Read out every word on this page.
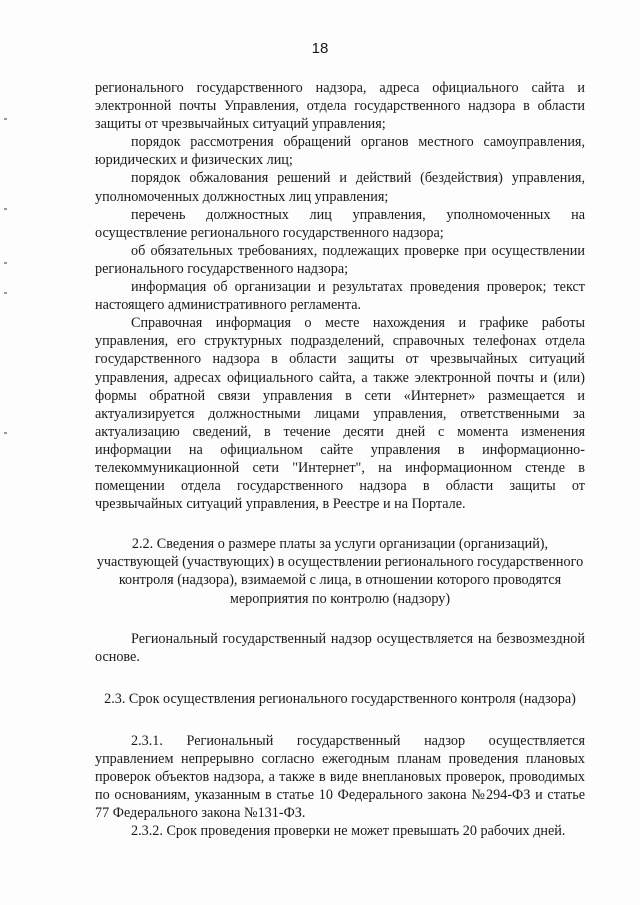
18

регионального государственного надзора, адреса официального сайта и электронной почты Управления, отдела государственного надзора в области защиты от чрезвычайных ситуаций управления;

порядок рассмотрения обращений органов местного самоуправления, юридических и физических лиц;

порядок обжалования решений и действий (бездействия) управления, уполномоченных должностных лиц управления;

перечень должностных лиц управления, уполномоченных на осуществление регионального государственного надзора;

об обязательных требованиях, подлежащих проверке при осуществлении регионального государственного надзора;

информация об организации и результатах проведения проверок; текст настоящего административного регламента.

Справочная информация о месте нахождения и графике работы управления, его структурных подразделений, справочных телефонах отдела государственного надзора в области защиты от чрезвычайных ситуаций управления, адресах официального сайта, а также электронной почты и (или) формы обратной связи управления в сети «Интернет» размещается и актуализируется должностными лицами управления, ответственными за актуализацию сведений, в течение десяти дней с момента изменения информации на официальном сайте управления в информационно-телекоммуникационной сети "Интернет", на информационном стенде в помещении отдела государственного надзора в области защиты от чрезвычайных ситуаций управления, в Реестре и на Портале.

2.2. Сведения о размере платы за услуги организации (организаций), участвующей (участвующих) в осуществлении регионального государственного контроля (надзора), взимаемой с лица, в отношении которого проводятся мероприятия по контролю (надзору)

Региональный государственный надзор осуществляется на безвозмездной основе.

2.3. Срок осуществления регионального государственного контроля (надзора)

2.3.1. Региональный государственный надзор осуществляется управлением непрерывно согласно ежегодным планам проведения плановых проверок объектов надзора, а также в виде внеплановых проверок, проводимых по основаниям, указанным в статье 10 Федерального закона №294-ФЗ и статье 77 Федерального закона №131-ФЗ.

2.3.2. Срок проведения проверки не может превышать 20 рабочих дней.
